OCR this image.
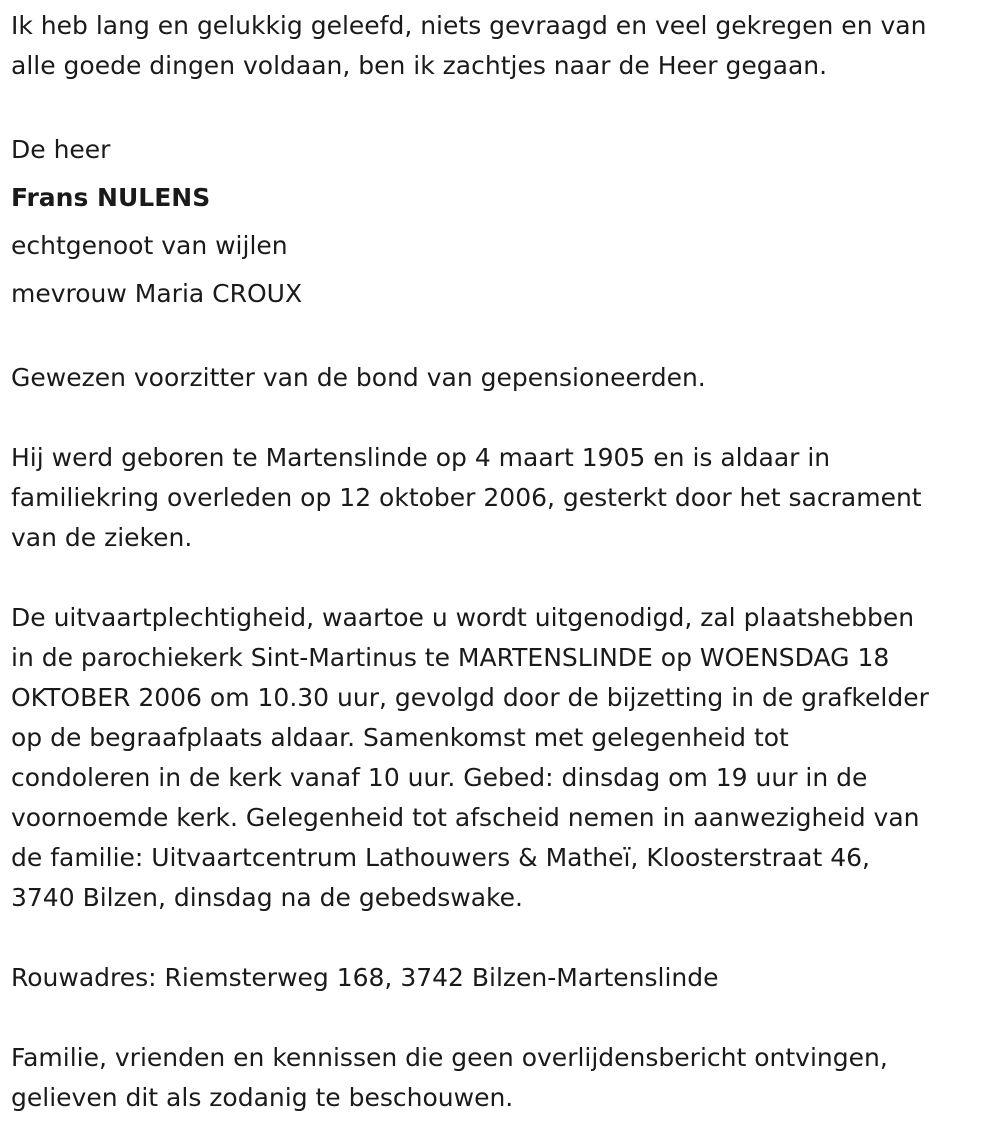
Ik heb lang en gelukkig geleefd, niets gevraagd en veel gekregen en van
alle goede dingen voldaan, ben ik zachtjes naar de Heer gegaan.
De heer
Frans NULENS
echtgenoot van wijlen
mevrouw Maria CROUX
Gewezen voorzitter van de bond van gepensioneerden.
Hij werd geboren te Martenslinde op 4 maart 1905 en is aldaar in
familiekring overleden op 12 oktober 2006, gesterkt door het sacrament
van de zieken.
De uitvaartplechtigheid, waartoe u wordt uitgenodigd, zal plaatshebben
in de parochiekerk Sint-Martinus te MARTENSLINDE op WOENSDAG 18
OKTOBER 2006 om 10.30 uur, gevolgd door de bijzetting in de grafkelder
op de begraafplaats aldaar. Samenkomst met gelegenheid tot
condoleren in de kerk vanaf 10 uur. Gebed: dinsdag om 19 uur in de
voornoemde kerk. Gelegenheid tot afscheid nemen in aanwezigheid van
de familie: Uitvaartcentrum Lathouwers & Matheï, Kloosterstraat 46,
3740 Bilzen, dinsdag na de gebedswake.
Rouwadres: Riemsterweg 168, 3742 Bilzen-Martenslinde
Familie, vrienden en kennissen die geen overlijdensbericht ontvingen,
gelieven dit als zodanig te beschouwen.
